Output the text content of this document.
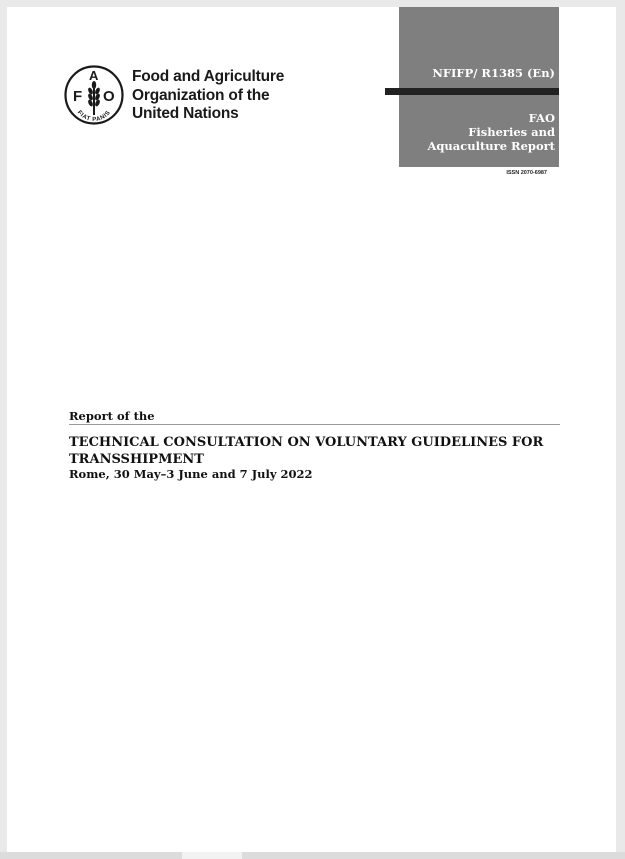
F
A
O
FIAT PANIS
Food and Agriculture
Organization of the
United Nations
NFIFP/ R1385 (En)
FAO
Fisheries and
Aquaculture Report
ISSN 2070-6987
Report of the
TECHNICAL CONSULTATION ON VOLUNTARY GUIDELINES FOR
TRANSSHIPMENT
Rome, 30 May–3 June and 7 July 2022
